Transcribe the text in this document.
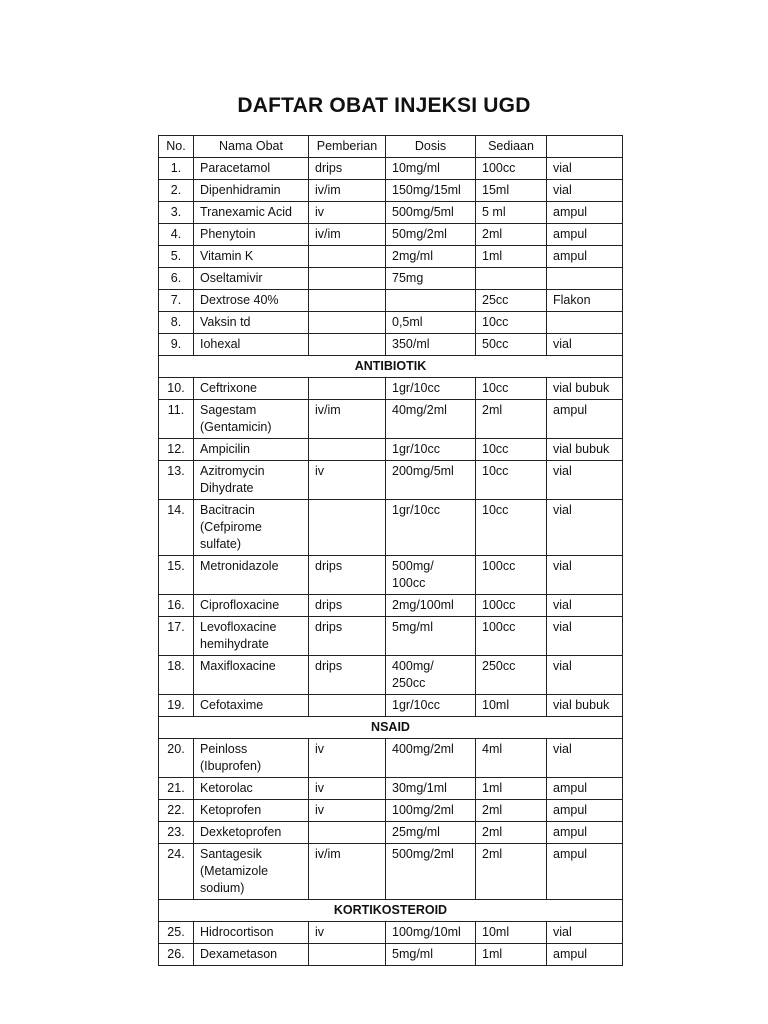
DAFTAR OBAT INJEKSI UGD
No.	Nama Obat	Pemberian	Dosis	Sediaan	
1.	Paracetamol	drips	10mg/ml	100cc	vial
2.	Dipenhidramin	iv/im	150mg/15ml	15ml	vial
3.	Tranexamic Acid	iv	500mg/5ml	5 ml	ampul
4.	Phenytoin	iv/im	50mg/2ml	2ml	ampul
5.	Vitamin K		2mg/ml	1ml	ampul
6.	Oseltamivir		75mg		
7.	Dextrose 40%			25cc	Flakon
8.	Vaksin td		0,5ml	10cc	
9.	Iohexal		350/ml	50cc	vial
ANTIBIOTIK					
10.	Ceftrixone		1gr/10cc	10cc	vial bubuk
11.	Sagestam
(Gentamicin)	iv/im	40mg/2ml	2ml	ampul
12.	Ampicilin		1gr/10cc	10cc	vial bubuk
13.	Azitromycin
Dihydrate	iv	200mg/5ml	10cc	vial
14.	Bacitracin
(Cefpirome
sulfate)		1gr/10cc	10cc	vial
15.	Metronidazole	drips	500mg/
100cc	100cc	vial
16.	Ciprofloxacine	drips	2mg/100ml	100cc	vial
17.	Levofloxacine
hemihydrate	drips	5mg/ml	100cc	vial
18.	Maxifloxacine	drips	400mg/
250cc	250cc	vial
19.	Cefotaxime		1gr/10cc	10ml	vial bubuk
NSAID					
20.	Peinloss
(Ibuprofen)	iv	400mg/2ml	4ml	vial
21.	Ketorolac	iv	30mg/1ml	1ml	ampul
22.	Ketoprofen	iv	100mg/2ml	2ml	ampul
23.	Dexketoprofen		25mg/ml	2ml	ampul
24.	Santagesik
(Metamizole
sodium)	iv/im	500mg/2ml	2ml	ampul
KORTIKOSTEROID					
25.	Hidrocortison	iv	100mg/10ml	10ml	vial
26.	Dexametason		5mg/ml	1ml	ampul
